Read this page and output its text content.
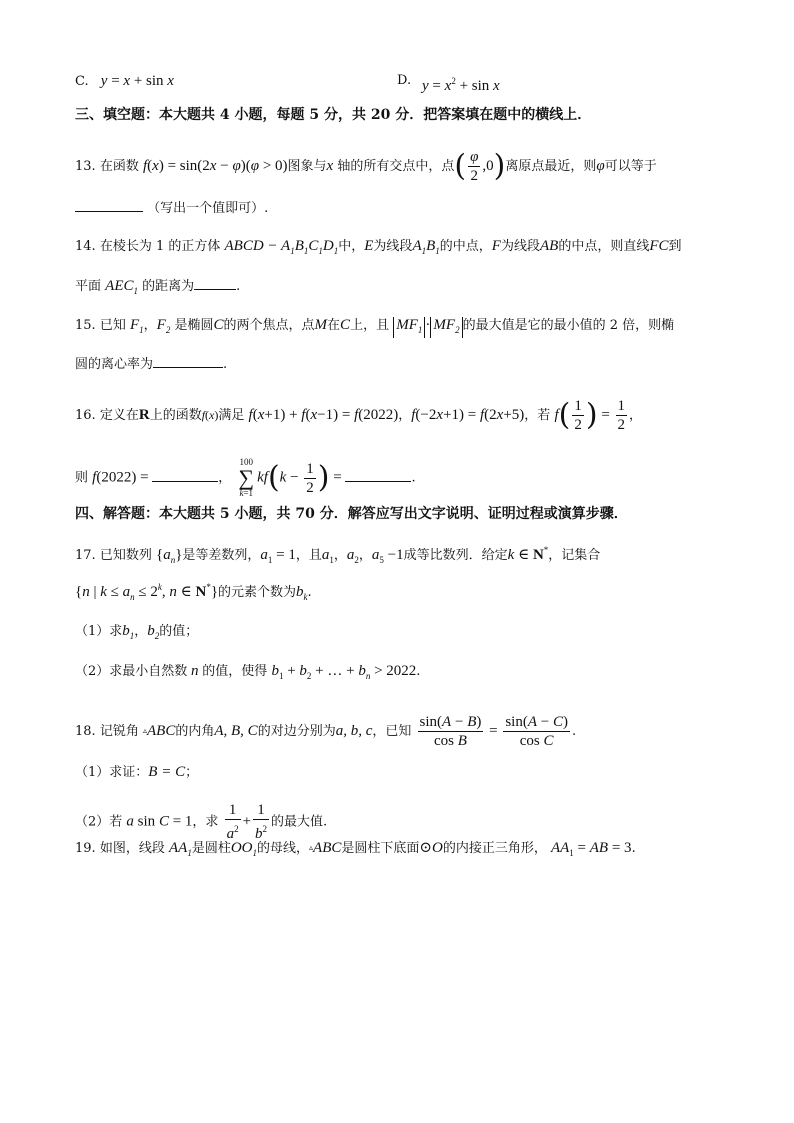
C. y = x + sin x	D. $y = x^2 + \sin x$
三、填空题：本大题共 4 小题，每题 5 分，共 20 分．把答案填在题中的横线上．
13. 在函数 f(x) = sin(2x − φ)(φ > 0)图象与x 轴的所有交点中，点( $\frac{\varphi}{2} ,0$)离原点最近，则φ可以等于
（写出一个值即可）.
14. 在棱长为 1 的正方体 ABCD − $A_1B_1C_1D_1$中，E为线段$A_1B_1$的中点，F为线段AB的中点，则直线FC到
平面 $AEC_1$ 的距离为	.
15. 已知 $F_1$，$F_2$ 是椭圆C的两个焦点，点M在C上，且 $MF_1 \cdot MF_2$ 的最大值是它的最小值的 2 倍，则椭
圆的离心率为	.
16. 定义在R上的函数f(x)满足 f(x+1) + f(x−1) = f(2022)，f(−2x+1) = f(2x+5)，若 $f( \frac{1}{2}$ ) = $\frac{1}{2}$ ，
则 f(2022) =	， 100
∑
$k=1kf(k - \frac{1}{2}$ ) =	.
四、解答题：本大题共 5 小题，共 70 分．解答应写出文字说明、证明过程或演算步骤．
17. 已知数列 $\{a_n\}$是等差数列，$a_1 = 1$，且$a_1$，$a_2$，$a_5 -1$成等比数列．给定k ∈ N*，记集合
{n | $k \le a_n \le 2^k$, n ∈ N*}的元素个数为$b_k$.
（1）求$b_1$，$b_2$的值；
（2）求最小自然数 n 的值，使得 $b_1 + b_2$ + … + $b_n > 2022$.
18. 记锐角 ▵ABC的内角A, B, C的对边分别为a, b, c，已知 $\frac{\sin(A - B)}{\text{cos B}} = \frac{\sin(A - C)}{\text{cos C}}$ .
（1）求证：B = C；
（2）若 a sin C = 1，求 $\frac{1}{a^2} + \frac{1}{b^2}$ 的最大值.
19. 如图，线段 $AA_1$是圆柱$OO_1$的母线，▵ABC是圆柱下底面⊙O的内接正三角形， $AA_1$ = AB = 3.
